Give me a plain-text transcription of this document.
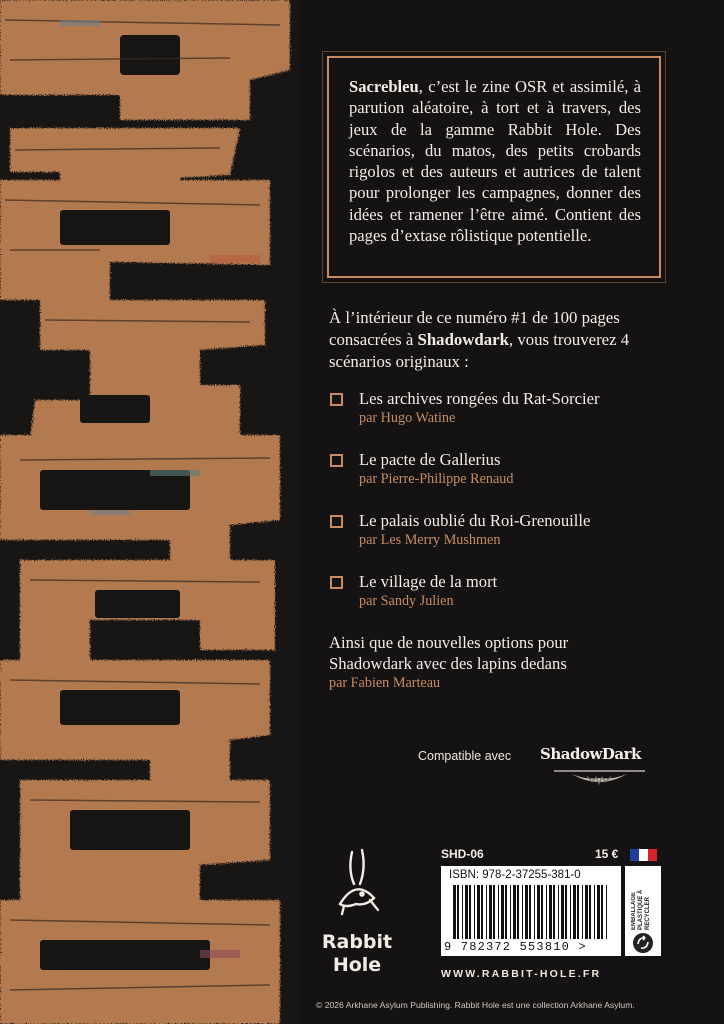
Sacrebleu, c’est le zine OSR et assimilé, à parution aléatoire, à tort et à travers, des jeux de la gamme Rabbit Hole. Des scénarios, du matos, des petits crobards rigolos et des auteurs et autrices de talent pour prolonger les campagnes, donner des idées et ramener l’être aimé. Contient des pages d’extase rôlistique potentielle.

À l’intérieur de ce numéro #1 de 100 pages consacrées à Shadowdark, vous trouverez 4 scénarios originaux :

Les archives rongées du Rat-Sorcier
par Hugo Watine
Le pacte de Gallerius
par Pierre-Philippe Renaud
Le palais oublié du Roi-Grenouille
par Les Merry Mushmen
Le village de la mort
par Sandy Julien
Ainsi que de nouvelles options pour
Shadowdark avec des lapins dedans
par Fabien Marteau
Compatible avec ShadowDark
Rabbit
Hole
SHD-06	15 €
ISBN: 978-2-37255-381-0
9 782372 553810 >
EMBALLAGE PLASTIQUE À RECYCLER
WWW.RABBIT-HOLE.FR
© 2026 Arkhane Asylum Publishing. Rabbit Hole est une collection Arkhane Asylum.
